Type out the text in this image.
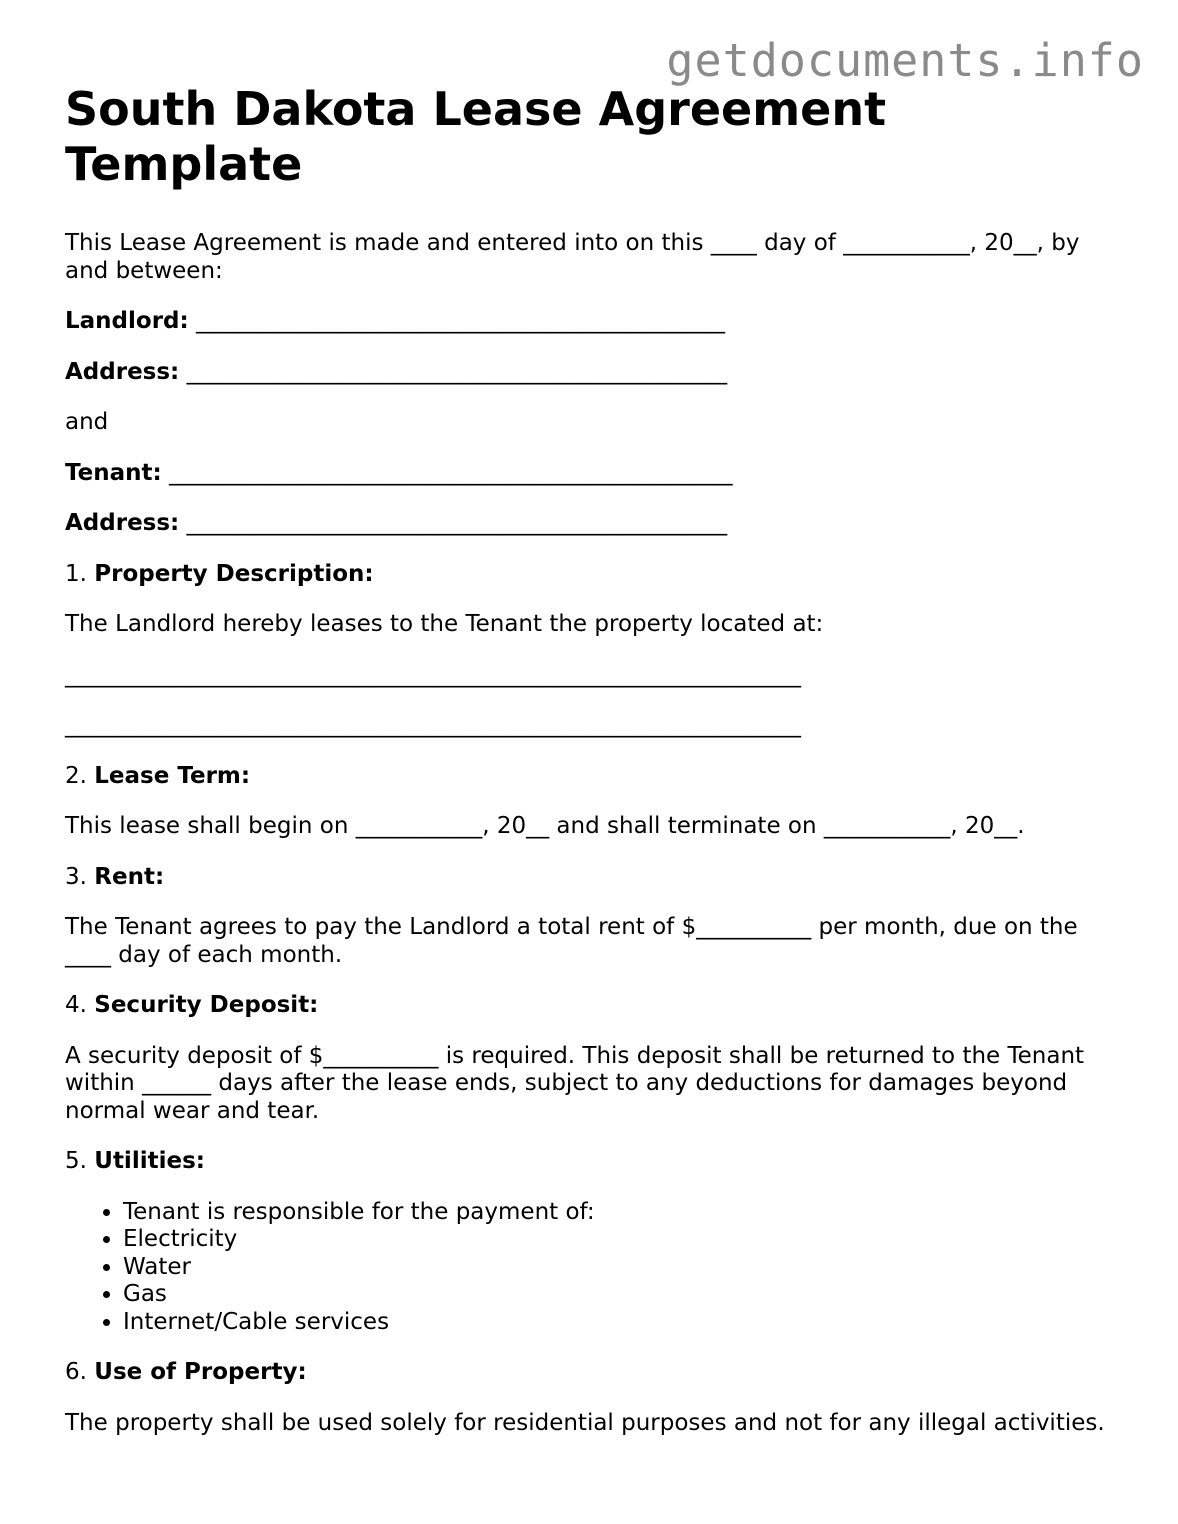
getdocuments.info
South Dakota Lease Agreement Template

This Lease Agreement is made and entered into on this ____ day of ___________, 20__, by and between:

Landlord: ______________________________________________

Address: _______________________________________________

and

Tenant: _________________________________________________

Address: _______________________________________________

1. Property Description:

The Landlord hereby leases to the Tenant the property located at:

________________________________________________________________

________________________________________________________________

2. Lease Term:

This lease shall begin on ___________, 20__ and shall terminate on ___________, 20__.

3. Rent:

The Tenant agrees to pay the Landlord a total rent of $__________ per month, due on the ____ day of each month.

4. Security Deposit:

A security deposit of $__________ is required. This deposit shall be returned to the Tenant within ______ days after the lease ends, subject to any deductions for damages beyond normal wear and tear.

5. Utilities:

• Tenant is responsible for the payment of:
• Electricity
• Water
• Gas
• Internet/Cable services

6. Use of Property:

The property shall be used solely for residential purposes and not for any illegal activities.
